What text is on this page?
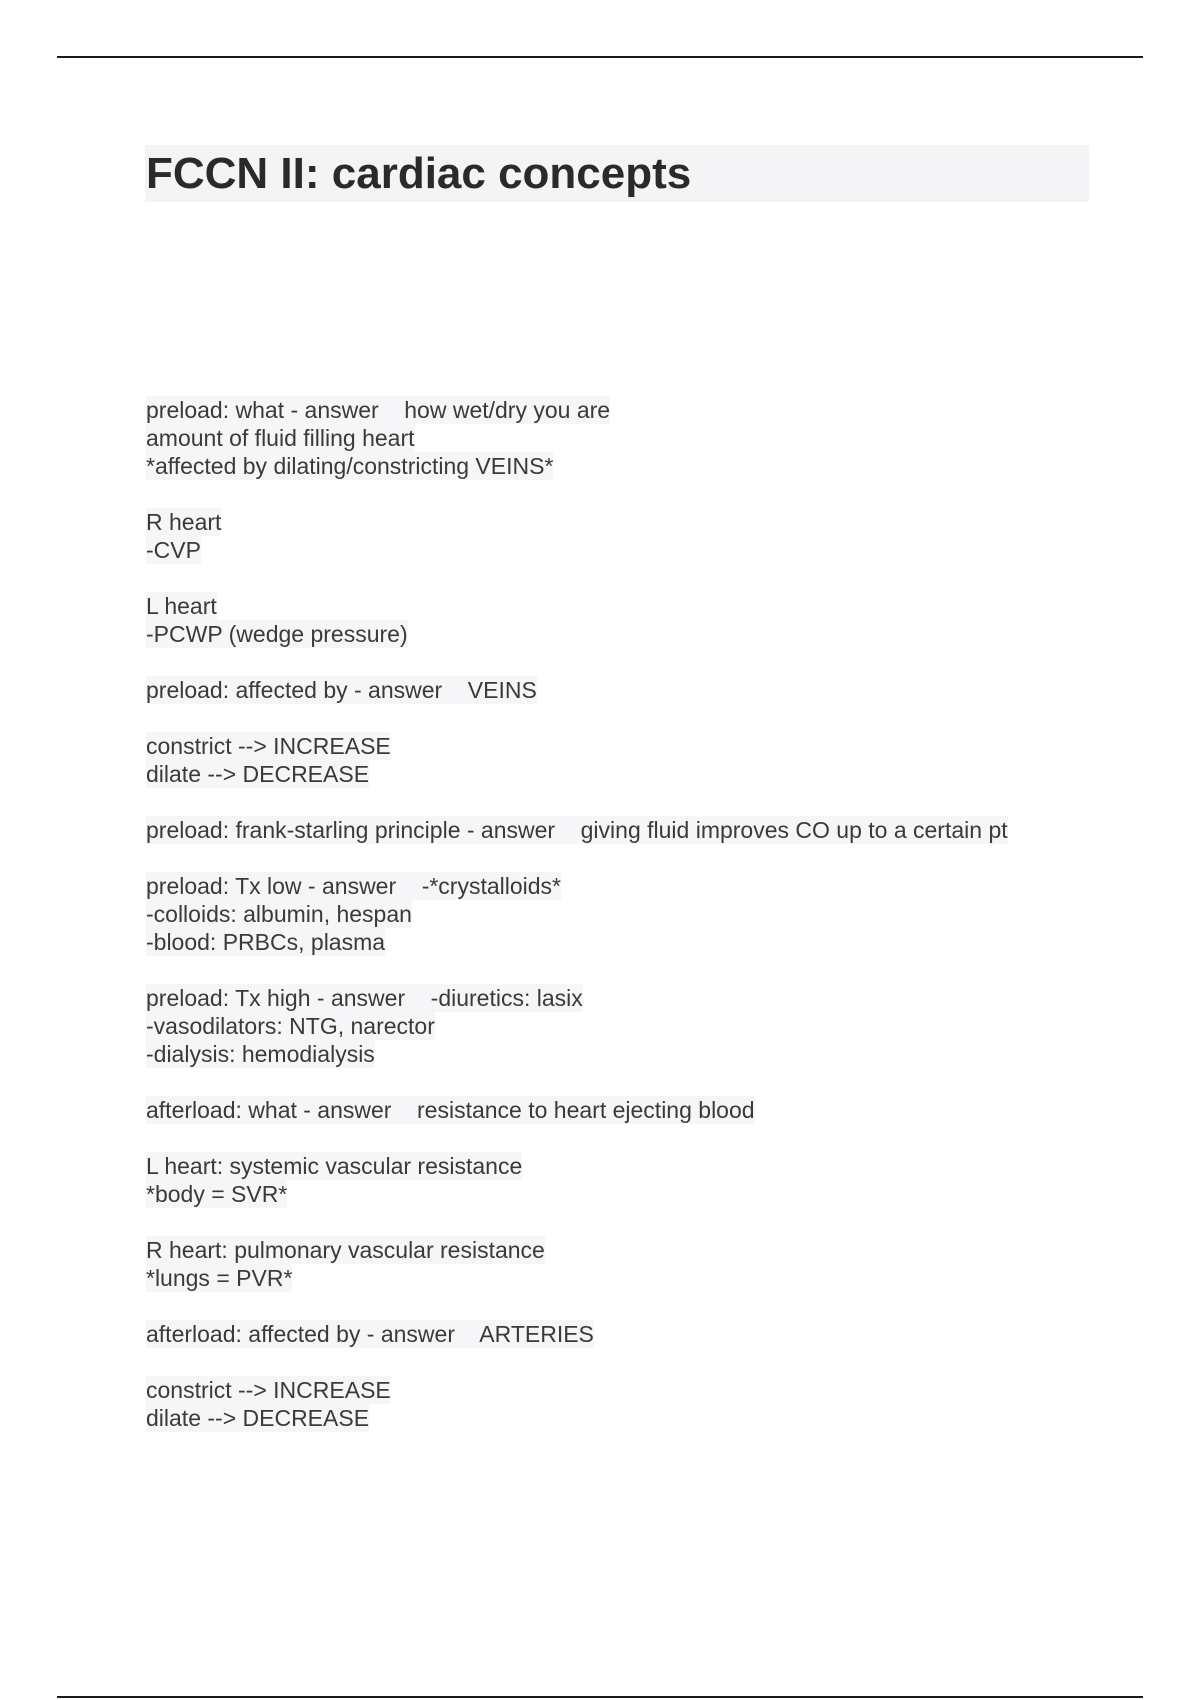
FCCN II: cardiac concepts
preload: what - answer how wet/dry you are
amount of fluid filling heart
*affected by dilating/constricting VEINS*
R heart
-CVP
L heart
-PCWP (wedge pressure)
preload: affected by - answer VEINS
constrict --> INCREASE
dilate --> DECREASE
preload: frank-starling principle - answer giving fluid improves CO up to a certain pt
preload: Tx low - answer -*crystalloids*
-colloids: albumin, hespan
-blood: PRBCs, plasma
preload: Tx high - answer -diuretics: lasix
-vasodilators: NTG, narector
-dialysis: hemodialysis
afterload: what - answer resistance to heart ejecting blood
L heart: systemic vascular resistance
*body = SVR*
R heart: pulmonary vascular resistance
*lungs = PVR*
afterload: affected by - answer ARTERIES
constrict --> INCREASE
dilate --> DECREASE
